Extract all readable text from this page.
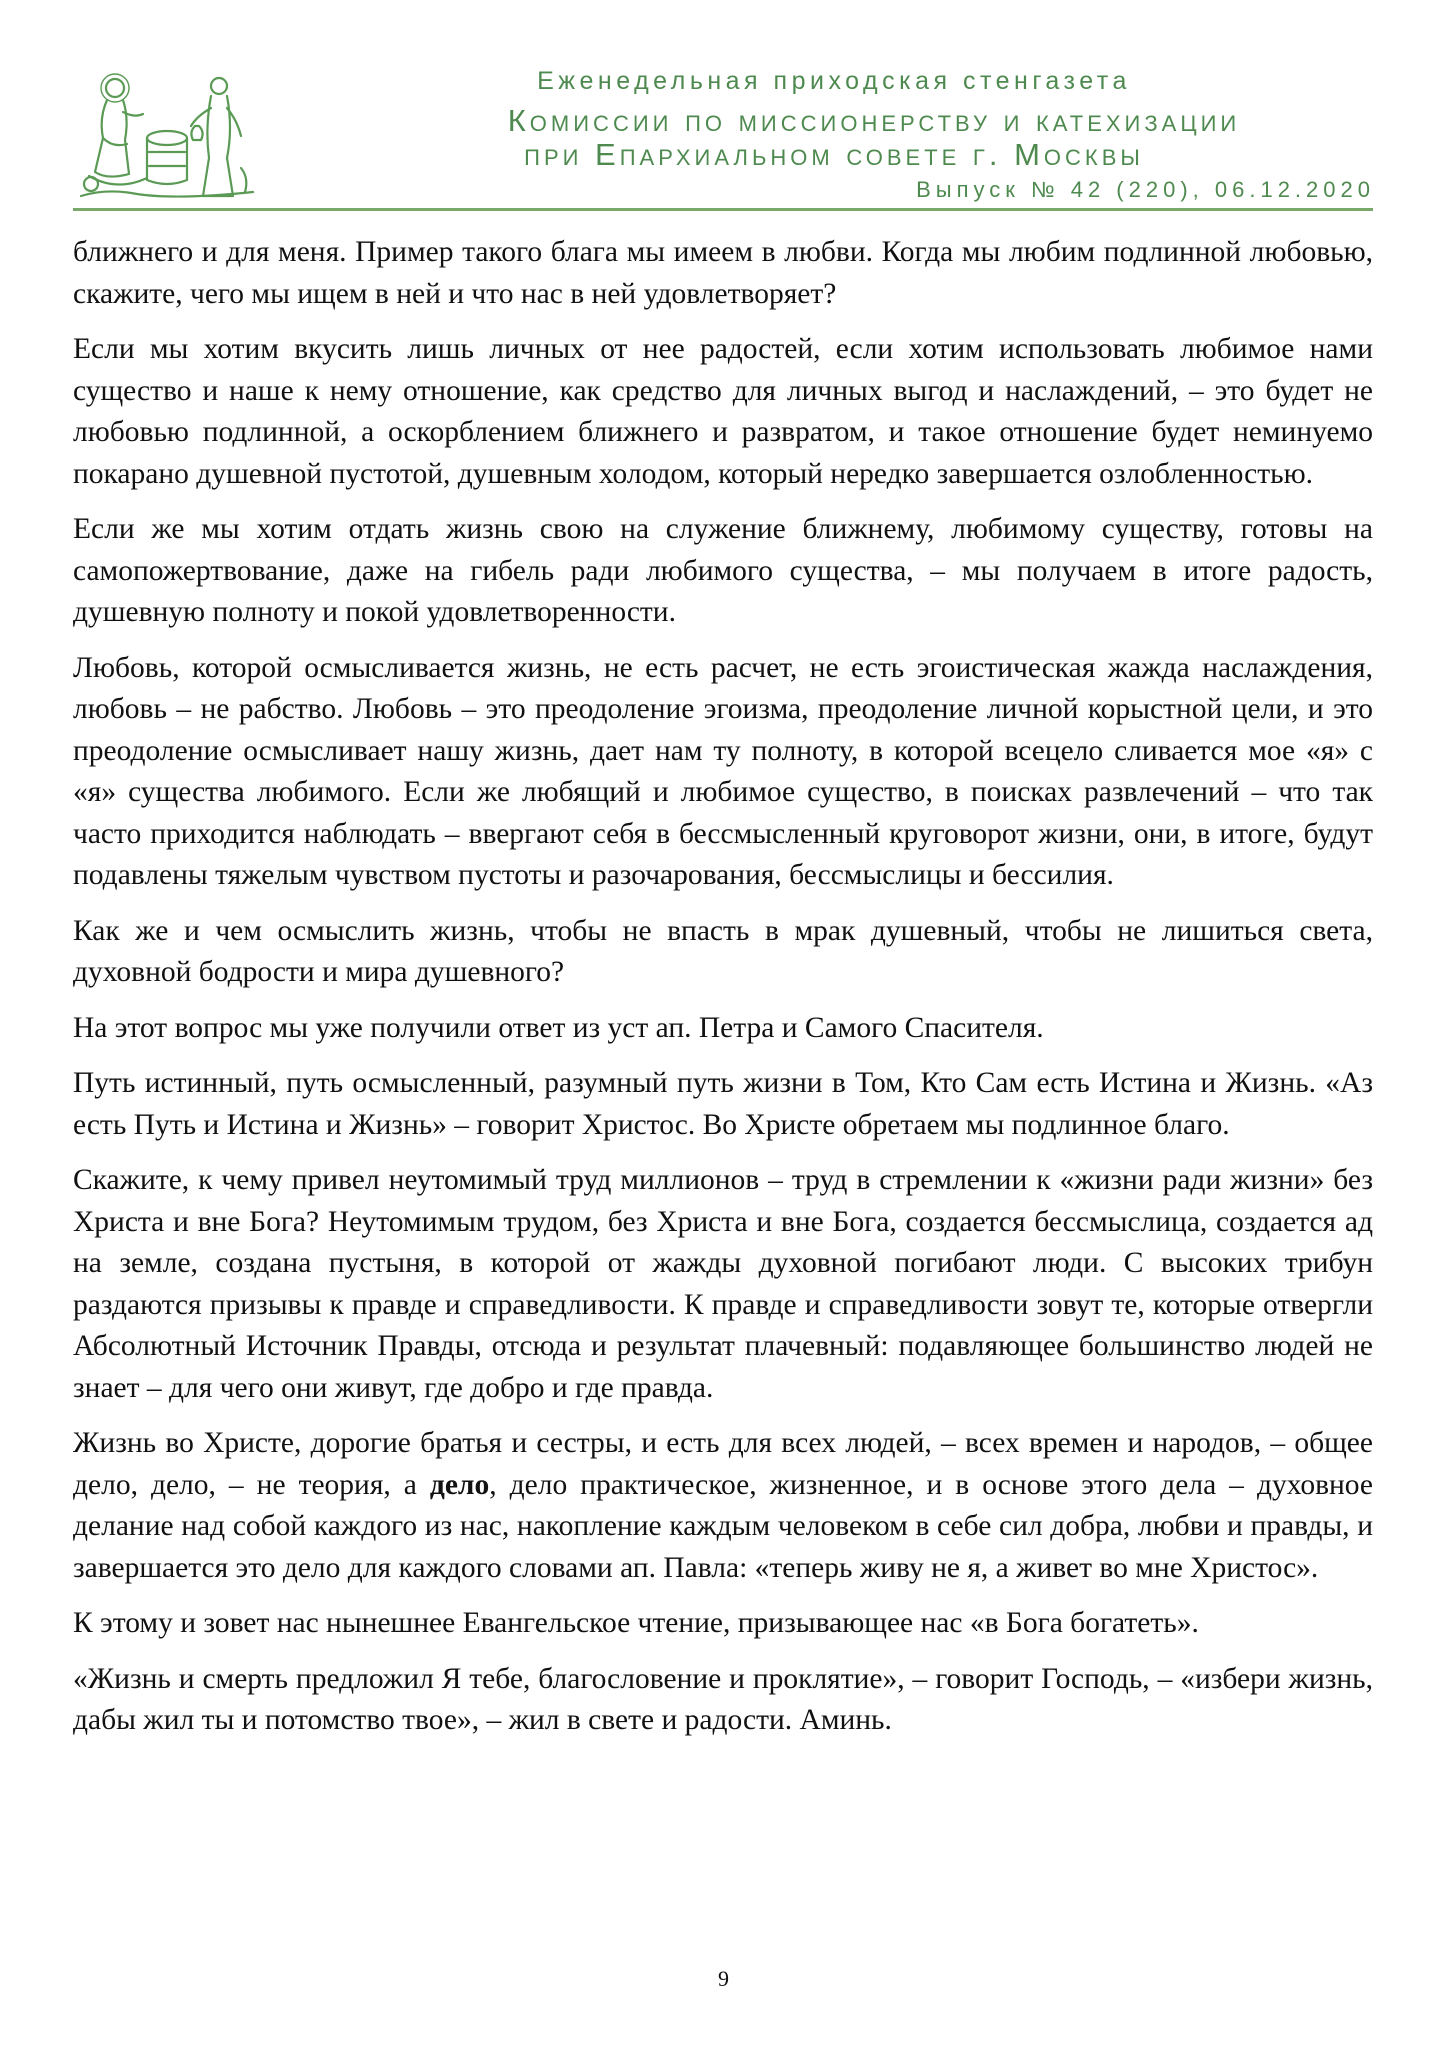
Еженедельная приходская стенгазета
Комиссии по миссионерству и катехизации
при Епархиальном совете г. Москвы
Выпуск № 42 (220), 06.12.2020

ближнего и для меня. Пример такого блага мы имеем в любви. Когда мы любим подлинной любовью, скажите, чего мы ищем в ней и что нас в ней удовлетворяет?

Если мы хотим вкусить лишь личных от нее радостей, если хотим использовать любимое нами существо и наше к нему отношение, как средство для личных выгод и наслаждений, – это будет не любовью подлинной, а оскорблением ближнего и развратом, и такое отношение будет неминуемо покарано душевной пустотой, душевным холодом, который нередко завершается озлобленностью.

Если же мы хотим отдать жизнь свою на служение ближнему, любимому существу, готовы на самопожертвование, даже на гибель ради любимого существа, – мы получаем в итоге радость, душевную полноту и покой удовлетворенности.

Любовь, которой осмысливается жизнь, не есть расчет, не есть эгоистическая жажда наслаждения, любовь – не рабство. Любовь – это преодоление эгоизма, преодоление личной корыстной цели, и это преодоление осмысливает нашу жизнь, дает нам ту полноту, в которой всецело сливается мое «я» с «я» существа любимого. Если же любящий и любимое существо, в поисках развлечений – что так часто приходится наблюдать – ввергают себя в бессмысленный круговорот жизни, они, в итоге, будут подавлены тяжелым чувством пустоты и разочарования, бессмыслицы и бессилия.

Как же и чем осмыслить жизнь, чтобы не впасть в мрак душевный, чтобы не лишиться света, духовной бодрости и мира душевного?

На этот вопрос мы уже получили ответ из уст ап. Петра и Самого Спасителя.

Путь истинный, путь осмысленный, разумный путь жизни в Том, Кто Сам есть Истина и Жизнь. «Аз есть Путь и Истина и Жизнь» – говорит Христос. Во Христе обретаем мы подлинное благо.

Скажите, к чему привел неутомимый труд миллионов – труд в стремлении к «жизни ради жизни» без Христа и вне Бога? Неутомимым трудом, без Христа и вне Бога, создается бессмыслица, создается ад на земле, создана пустыня, в которой от жажды духовной погибают люди. С высоких трибун раздаются призывы к правде и справедливости. К правде и справедливости зовут те, которые отвергли Абсолютный Источник Правды, отсюда и результат плачевный: подавляющее большинство людей не знает – для чего они живут, где добро и где правда.

Жизнь во Христе, дорогие братья и сестры, и есть для всех людей, – всех времен и народов, – общее дело, дело, – не теория, а дело, дело практическое, жизненное, и в основе этого дела – духовное делание над собой каждого из нас, накопление каждым человеком в себе сил добра, любви и правды, и завершается это дело для каждого словами ап. Павла: «теперь живу не я, а живет во мне Христос».

К этому и зовет нас нынешнее Евангельское чтение, призывающее нас «в Бога богатеть».

«Жизнь и смерть предложил Я тебе, благословение и проклятие», – говорит Господь, – «избери жизнь, дабы жил ты и потомство твое», – жил в свете и радости. Аминь.

9
